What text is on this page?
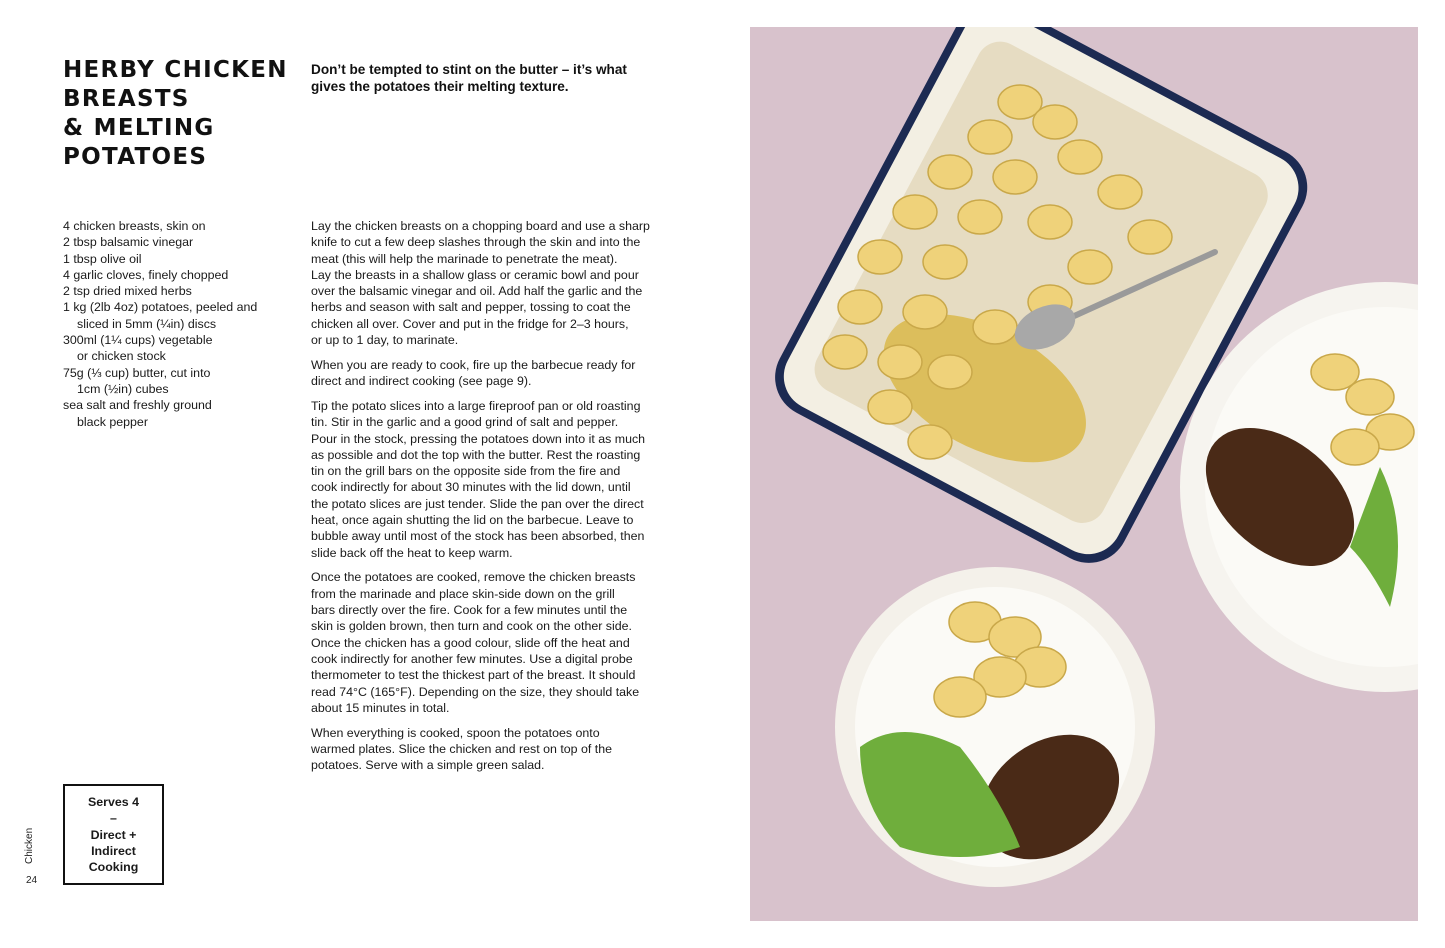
HERBY CHICKEN
BREASTS
& MELTING
POTATOES
Don’t be tempted to stint on the butter – it’s what
gives the potatoes their melting texture.
4 chicken breasts, skin on
2 tbsp balsamic vinegar
1 tbsp olive oil
4 garlic cloves, finely chopped
2 tsp dried mixed herbs
1 kg (2lb 4oz) potatoes, peeled and
sliced in 5mm (¼in) discs
300ml (1¼ cups) vegetable
or chicken stock
75g (⅓ cup) butter, cut into
1cm (½in) cubes
sea salt and freshly ground
black pepper

Lay the chicken breasts on a chopping board and use a sharp
knife to cut a few deep slashes through the skin and into the
meat (this will help the marinade to penetrate the meat).
Lay the breasts in a shallow glass or ceramic bowl and pour
over the balsamic vinegar and oil. Add half the garlic and the
herbs and season with salt and pepper, tossing to coat the
chicken all over. Cover and put in the fridge for 2–3 hours,
or up to 1 day, to marinate.

When you are ready to cook, fire up the barbecue ready for
direct and indirect cooking (see page 9).

Tip the potato slices into a large fireproof pan or old roasting
tin. Stir in the garlic and a good grind of salt and pepper.
Pour in the stock, pressing the potatoes down into it as much
as possible and dot the top with the butter. Rest the roasting
tin on the grill bars on the opposite side from the fire and
cook indirectly for about 30 minutes with the lid down, until
the potato slices are just tender. Slide the pan over the direct
heat, once again shutting the lid on the barbecue. Leave to
bubble away until most of the stock has been absorbed, then
slide back off the heat to keep warm.

Once the potatoes are cooked, remove the chicken breasts
from the marinade and place skin-side down on the grill
bars directly over the fire. Cook for a few minutes until the
skin is golden brown, then turn and cook on the other side.
Once the chicken has a good colour, slide off the heat and
cook indirectly for another few minutes. Use a digital probe
thermometer to test the thickest part of the breast. It should
read 74°C (165°F). Depending on the size, they should take
about 15 minutes in total.

When everything is cooked, spoon the potatoes onto
warmed plates. Slice the chicken and rest on top of the
potatoes. Serve with a simple green salad.

Serves 4
–
Direct +
Indirect
Cooking
Chicken
24
